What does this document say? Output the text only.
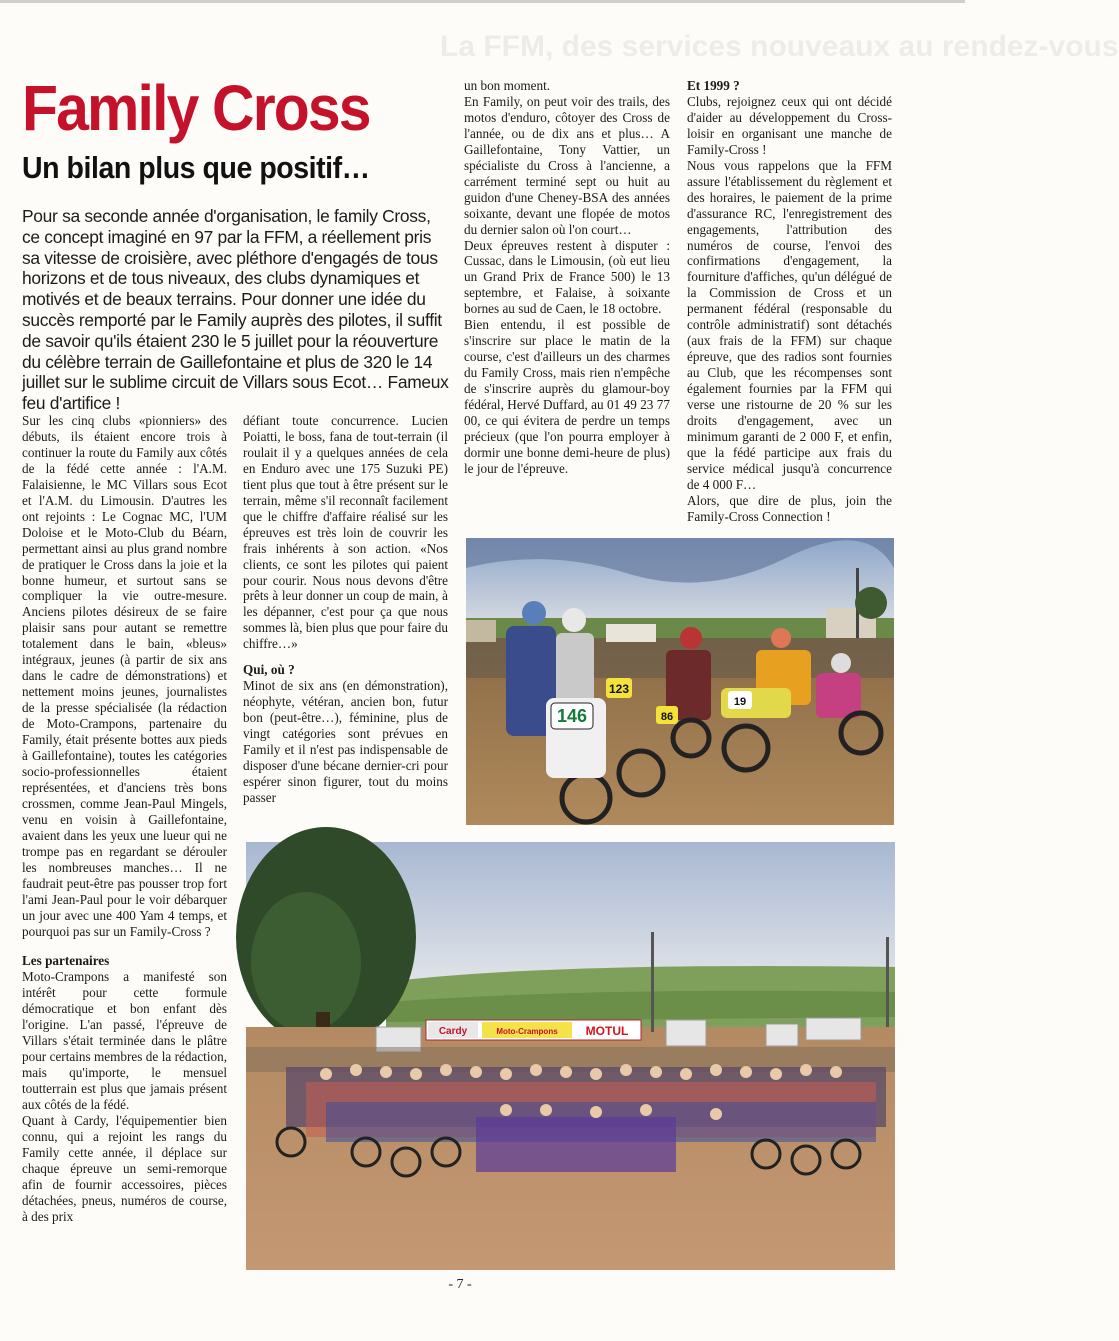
La FFM, des services nouveaux au rendez-vous
Family Cross
Un bilan plus que positif…

Pour sa seconde année d'organisation, le family Cross, ce concept imaginé en 97 par la FFM, a réellement pris sa vitesse de croisière, avec pléthore d'engagés de tous horizons et de tous niveaux, des clubs dynamiques et motivés et de beaux terrains. Pour donner une idée du succès remporté par le Family auprès des pilotes, il suffit de savoir qu'ils étaient 230 le 5 juillet pour la réouverture du célèbre terrain de Gaillefontaine et plus de 320 le 14 juillet sur le sublime circuit de Villars sous Ecot… Fameux feu d'artifice !

Sur les cinq clubs «pionniers» des débuts, ils étaient encore trois à continuer la route du Family aux côtés de la fédé cette année : l'A.M. Falaisienne, le MC Villars sous Ecot et l'A.M. du Limousin. D'autres les ont rejoints : Le Cognac MC, l'UM Doloise et le Moto-Club du Béarn, permettant ainsi au plus grand nombre de pratiquer le Cross dans la joie et la bonne humeur, et surtout sans se compliquer la vie outre-mesure. Anciens pilotes désireux de se faire plaisir sans pour autant se remettre totalement dans le bain, «bleus» intégraux, jeunes (à partir de six ans dans le cadre de démonstrations) et nettement moins jeunes, journalistes de la presse spécialisée (la rédaction de Moto-Crampons, partenaire du Family, était présente bottes aux pieds à Gaillefontaine), toutes les catégories socio-professionnelles étaient représentées, et d'anciens très bons crossmen, comme Jean-Paul Mingels, venu en voisin à Gaillefontaine, avaient dans les yeux une lueur qui ne trompe pas en regardant se dérouler les nombreuses manches… Il ne faudrait peut-être pas pousser trop fort l'ami Jean-Paul pour le voir débarquer un jour avec une 400 Yam 4 temps, et pourquoi pas sur un Family-Cross ?

Les partenaires

Moto-Crampons a manifesté son intérêt pour cette formule démocratique et bon enfant dès l'origine. L'an passé, l'épreuve de Villars s'était terminée dans le plâtre pour certains membres de la rédaction, mais qu'importe, le mensuel toutterrain est plus que jamais présent aux côtés de la fédé.

Quant à Cardy, l'équipementier bien connu, qui a rejoint les rangs du Family cette année, il déplace sur chaque épreuve un semi-remorque afin de fournir accessoires, pièces détachées, pneus, numéros de course, à des prix

défiant toute concurrence. Lucien Poiatti, le boss, fana de tout-terrain (il roulait il y a quelques années de cela en Enduro avec une 175 Suzuki PE) tient plus que tout à être présent sur le terrain, même s'il reconnaît facilement que le chiffre d'affaire réalisé sur les épreuves est très loin de couvrir les frais inhérents à son action. «Nos clients, ce sont les pilotes qui paient pour courir. Nous nous devons d'être prêts à leur donner un coup de main, à les dépanner, c'est pour ça que nous sommes là, bien plus que pour faire du chiffre…»

Qui, où ?

Minot de six ans (en démonstration), néophyte, vétéran, ancien bon, futur bon (peut-être…), féminine, plus de vingt catégories sont prévues en Family et il n'est pas indispensable de disposer d'une bécane dernier-cri pour espérer sinon figurer, tout du moins passer

un bon moment.

En Family, on peut voir des trails, des motos d'enduro, côtoyer des Cross de l'année, ou de dix ans et plus… A Gaillefontaine, Tony Vattier, un spécialiste du Cross à l'ancienne, a carrément terminé sept ou huit au guidon d'une Cheney-BSA des années soixante, devant une flopée de motos du dernier salon où l'on court…

Deux épreuves restent à disputer : Cussac, dans le Limousin, (où eut lieu un Grand Prix de France 500) le 13 septembre, et Falaise, à soixante bornes au sud de Caen, le 18 octobre.

Bien entendu, il est possible de s'inscrire sur place le matin de la course, c'est d'ailleurs un des charmes du Family Cross, mais rien n'empêche de s'inscrire auprès du glamour-boy fédéral, Hervé Duffard, au 01 49 23 77 00, ce qui évitera de perdre un temps précieux (que l'on pourra employer à dormir une bonne demi-heure de plus) le jour de l'épreuve.

Et 1999 ?

Clubs, rejoignez ceux qui ont décidé d'aider au développement du Cross-loisir en organisant une manche de Family-Cross !

Nous vous rappelons que la FFM assure l'établissement du règlement et des horaires, le paiement de la prime d'assurance RC, l'enregistrement des engagements, l'attribution des numéros de course, l'envoi des confirmations d'engagement, la fourniture d'affiches, qu'un délégué de la Commission de Cross et un permanent fédéral (responsable du contrôle administratif) sont détachés (aux frais de la FFM) sur chaque épreuve, que des radios sont fournies au Club, que les récompenses sont également fournies par la FFM qui verse une ristourne de 20 % sur les droits d'engagement, avec un minimum garanti de 2 000 F, et enfin, que la fédé participe aux frais du service médical jusqu'à concurrence de 4 000 F…

Alors, que dire de plus, join the Family-Cross Connection !

146
123
86
19
Cardy	Moto-Crampons MOTUL
- 7 -
